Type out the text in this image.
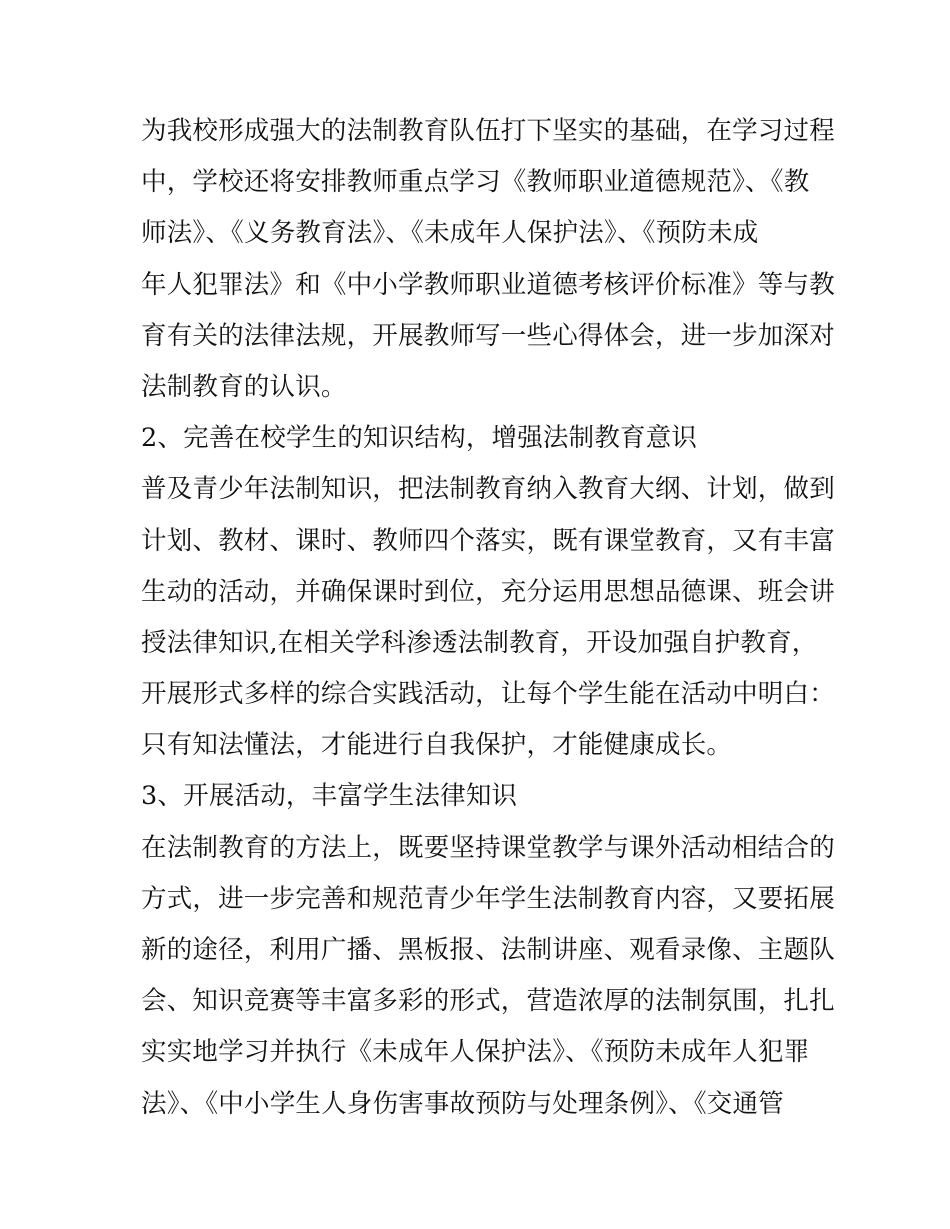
为我校形成强大的法制教育队伍打下坚实的基础，在学习过程
中，学校还将安排教师重点学习《教师职业道德规范》、《教
师法》、《义务教育法》、《未成年人保护法》、《预防未成
年人犯罪法》和《中小学教师职业道德考核评价标准》等与教
育有关的法律法规，开展教师写一些心得体会，进一步加深对
法制教育的认识。
2、完善在校学生的知识结构，增强法制教育意识
普及青少年法制知识，把法制教育纳入教育大纲、计划，做到
计划、教材、课时、教师四个落实，既有课堂教育，又有丰富
生动的活动，并确保课时到位，充分运用思想品德课、班会讲
授法律知识,在相关学科渗透法制教育，开设加强自护教育，
开展形式多样的综合实践活动，让每个学生能在活动中明白：
只有知法懂法，才能进行自我保护，才能健康成长。
3、开展活动，丰富学生法律知识
在法制教育的方法上，既要坚持课堂教学与课外活动相结合的
方式，进一步完善和规范青少年学生法制教育内容，又要拓展
新的途径，利用广播、黑板报、法制讲座、观看录像、主题队
会、知识竞赛等丰富多彩的形式，营造浓厚的法制氛围，扎扎
实实地学习并执行《未成年人保护法》、《预防未成年人犯罪
法》、《中小学生人身伤害事故预防与处理条例》、《交通管
